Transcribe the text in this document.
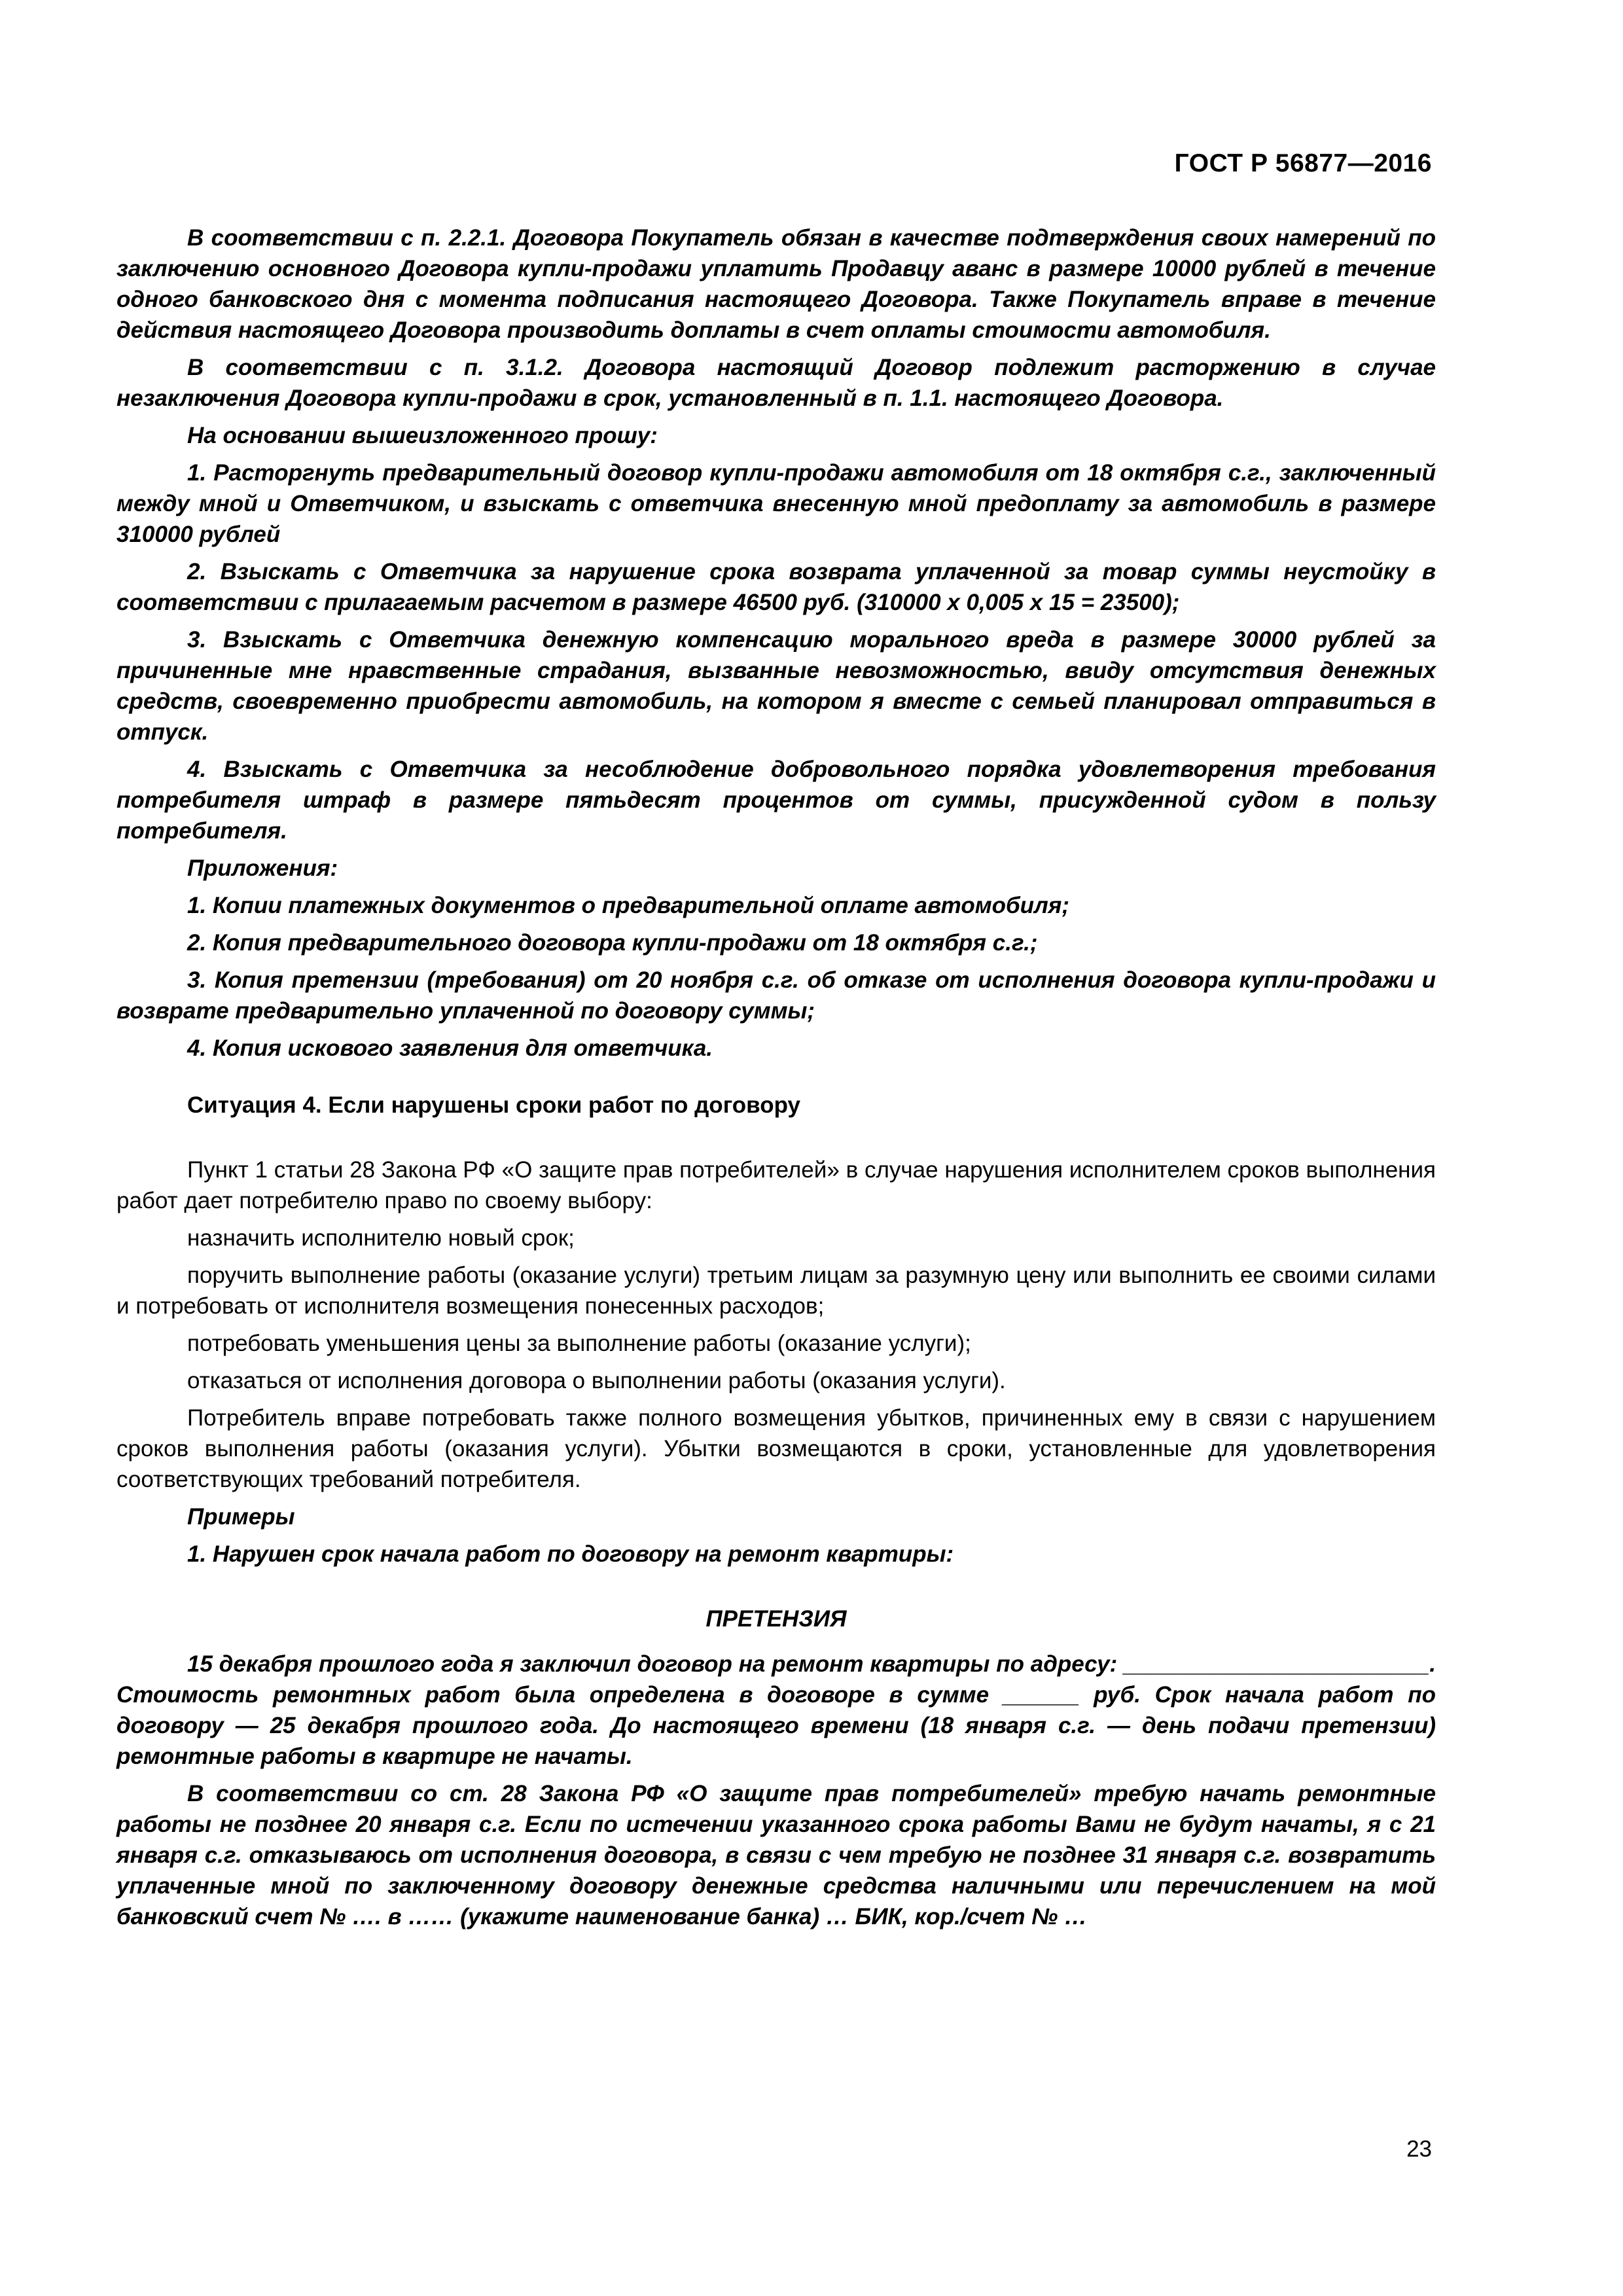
ГОСТ Р 56877—2016

В соответствии с п. 2.2.1. Договора Покупатель обязан в качестве подтверждения своих намерений по заключению основного Договора купли-продажи уплатить Продавцу аванс в размере 10000 рублей в течение одного банковского дня с момента подписания настоящего Договора. Также Покупатель вправе в течение действия настоящего Договора производить доплаты в счет оплаты стоимости автомобиля.

В соответствии с п. 3.1.2. Договора настоящий Договор подлежит расторжению в случае незаключения Договора купли-продажи в срок, установленный в п. 1.1. настоящего Договора.

На основании вышеизложенного прошу:

1. Расторгнуть предварительный договор купли-продажи автомобиля от 18 октября с.г., заключенный между мной и Ответчиком, и взыскать с ответчика внесенную мной предоплату за автомобиль в размере 310000 рублей

2. Взыскать с Ответчика за нарушение срока возврата уплаченной за товар суммы неустойку в соответствии с прилагаемым расчетом в размере 46500 руб. (310000 х 0,005 х 15 = 23500);

3. Взыскать с Ответчика денежную компенсацию морального вреда в размере 30000 рублей за причиненные мне нравственные страдания, вызванные невозможностью, ввиду отсутствия денежных средств, своевременно приобрести автомобиль, на котором я вместе с семьей планировал отправиться в отпуск.

4. Взыскать с Ответчика за несоблюдение добровольного порядка удовлетворения требования потребителя штраф в размере пятьдесят процентов от суммы, присужденной судом в пользу потребителя.

Приложения:

1. Копии платежных документов о предварительной оплате автомобиля;

2. Копия предварительного договора купли-продажи от 18 октября с.г.;

3. Копия претензии (требования) от 20 ноября с.г. об отказе от исполнения договора купли-продажи и возврате предварительно уплаченной по договору суммы;

4. Копия искового заявления для ответчика.

Ситуация 4. Если нарушены сроки работ по договору

Пункт 1 статьи 28 Закона РФ «О защите прав потребителей» в случае нарушения исполнителем сроков выполнения работ дает потребителю право по своему выбору:

назначить исполнителю новый срок;

поручить выполнение работы (оказание услуги) третьим лицам за разумную цену или выполнить ее своими силами и потребовать от исполнителя возмещения понесенных расходов;

потребовать уменьшения цены за выполнение работы (оказание услуги);

отказаться от исполнения договора о выполнении работы (оказания услуги).

Потребитель вправе потребовать также полного возмещения убытков, причиненных ему в связи с нарушением сроков выполнения работы (оказания услуги). Убытки возмещаются в сроки, установленные для удовлетворения соответствующих требований потребителя.

Примеры

1. Нарушен срок начала работ по договору на ремонт квартиры:

ПРЕТЕНЗИЯ

15 декабря прошлого года я заключил договор на ремонт квартиры по адресу: ________________________. Стоимость ремонтных работ была определена в договоре в сумме ______ руб. Срок начала работ по договору — 25 декабря прошлого года. До настоящего времени (18 января с.г. — день подачи претензии) ремонтные работы в квартире не начаты.

В соответствии со ст. 28 Закона РФ «О защите прав потребителей» требую начать ремонтные работы не позднее 20 января с.г. Если по истечении указанного срока работы Вами не будут начаты, я с 21 января с.г. отказываюсь от исполнения договора, в связи с чем требую не позднее 31 января с.г. возвратить уплаченные мной по заключенному договору денежные средства наличными или перечислением на мой банковский счет № …. в …… (укажите наименование банка) … БИК, кор./счет № …

23
